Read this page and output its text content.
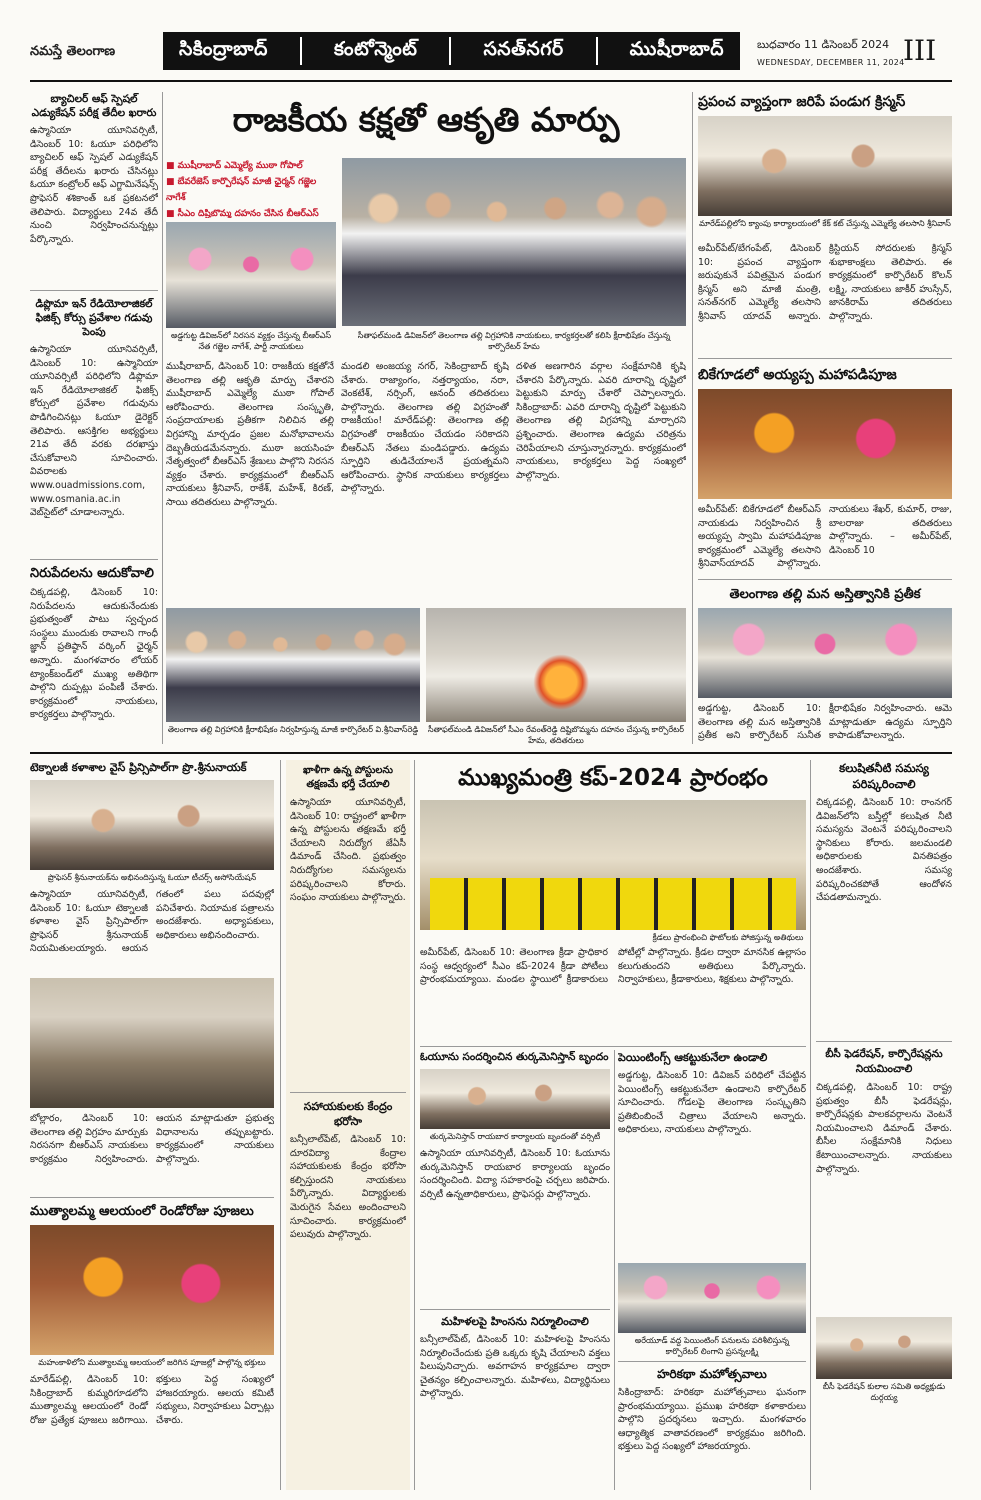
నమస్తే తెలంగాణ	సికింద్రాబాద్	కంటోన్మెంట్	సనత్‌నగర్	ముషీరాబాద్	బుధవారం 11 డిసెంబర్ 2024
WEDNESDAY, DECEMBER 11, 2024
III
బ్యాచిలర్ ఆఫ్ స్పెషల్ ఎడ్యుకేషన్ పరీక్ష తేదీల ఖరారు
ఉస్మానియా యూనివర్సిటీ, డిసెంబర్ 10: ఓయూ పరిధిలోని బ్యాచిలర్ ఆఫ్ స్పెషల్ ఎడ్యుకేషన్ పరీక్ష తేదీలను ఖరారు చేసినట్లు ఓయూ కంట్రోలర్ ఆఫ్ ఎగ్జామినేషన్స్ ప్రొఫెసర్ శశికాంత్ ఒక ప్రకటనలో తెలిపారు. విద్యార్థులు 24వ తేదీ నుంచి నిర్వహించనున్నట్లు పేర్కొన్నారు.
డిప్లొమా ఇన్ రేడియోలాజికల్ ఫిజిక్స్ కోర్సు ప్రవేశాల గడువు పెంపు
ఉస్మానియా యూనివర్సిటీ, డిసెంబర్ 10: ఉస్మానియా యూనివర్సిటీ పరిధిలోని డిప్లొమా ఇన్ రేడియోలాజికల్ ఫిజిక్స్ కోర్సులో ప్రవేశాల గడువును పొడిగించినట్లు ఓయూ డైరెక్టర్ తెలిపారు. ఆసక్తిగల అభ్యర్థులు 21వ తేదీ వరకు దరఖాస్తు చేసుకోవాలని సూచించారు. వివరాలకు www.ouadmissions.com, www.osmania.ac.in వెబ్‌సైట్‌లో చూడాలన్నారు.
నిరుపేదలను ఆదుకోవాలి
చిక్కడపల్లి, డిసెంబర్ 10: నిరుపేదలను ఆదుకునేందుకు ప్రభుత్వంతో పాటు స్వచ్ఛంద సంస్థలు ముందుకు రావాలని గాంధీ జ్ఞాన్ ప్రతిష్ఠాన్ వర్కింగ్ ఛైర్మన్ అన్నారు. మంగళవారం లోయర్ ట్యాంక్‌బండ్‌లో ముఖ్య అతిథిగా పాల్గొని దుప్పట్లు పంపిణీ చేశారు. కార్యక్రమంలో నాయకులు, కార్యకర్తలు పాల్గొన్నారు.
రాజకీయ కక్షతో ఆకృతి మార్పు
■ ముషీరాబాద్ ఎమ్మెల్యే ముఠా గోపాల్
■ బేవరేజెస్ కార్పొరేషన్ మాజీ ఛైర్మన్ గజ్జెల నాగేశ్
■ సీఎం దిష్టిబొమ్మ దహనం చేసిన బీఆర్ఎస్
అడ్డగుట్ట డివిజన్‌లో నిరసన వ్యక్తం చేస్తున్న బీఆర్ఎస్ నేత గజ్జెల నాగేశ్, పార్టీ నాయకులు
సీతాఫల్‌మండి డివిజన్‌లో తెలంగాణ తల్లి విగ్రహానికి నాయకులు, కార్యకర్తలతో కలిసి క్షీరాభిషేకం చేస్తున్న కార్పొరేటర్ హేమ
ముషీరాబాద్, డిసెంబర్ 10: రాజకీయ కక్షతోనే తెలంగాణ తల్లి ఆకృతి మార్పు చేశారని ముషీరాబాద్ ఎమ్మెల్యే ముఠా గోపాల్ ఆరోపించారు. తెలంగాణ సంస్కృతి, సంప్రదాయాలకు ప్రతీకగా నిలిచిన తల్లి విగ్రహాన్ని మార్చడం ప్రజల మనోభావాలను దెబ్బతీయడమేనన్నారు. ముఠా జయసింహ నేతృత్వంలో బీఆర్ఎస్ శ్రేణులు పాల్గొని నిరసన వ్యక్తం చేశారు. కార్యక్రమంలో బీఆర్ఎస్ నాయకులు శ్రీనివాస్, రాకేశ్, మహేశ్, కిరణ్, సాయి తదితరులు పాల్గొన్నారు.
మండలి అంజయ్య నగర్, సెకింద్రాబాద్ కృషి చేశారు. రాజ్యాంగం, నత్తర్యాయం, నరా, వెంకటేశ్, నర్సింగ్, ఆనంద్ తదితరులు పాల్గొన్నారు. తెలంగాణ తల్లి విగ్రహంతో రాజకీయం! మారేడ్‌పల్లి: తెలంగాణ తల్లి విగ్రహంతో రాజకీయం చేయడం సరికాదని బీఆర్ఎస్ నేతలు మండిపడ్డారు. ఉద్యమ స్ఫూర్తిని తుడిచేయాలనే ప్రయత్నమని ఆరోపించారు. స్థానిక నాయకులు కార్యకర్తలు పాల్గొన్నారు.
దళిత అణగారిన వర్గాల సంక్షేమానికి కృషి చేశారని పేర్కొన్నారు. ఎవరి దూరాన్ని దృష్టిలో పెట్టుకుని మార్పు చేశారో చెప్పాలన్నారు. సికింద్రాబాద్: ఎవరి దూరాన్ని దృష్టిలో పెట్టుకుని తెలంగాణ తల్లి విగ్రహాన్ని మార్చారని ప్రశ్నించారు. తెలంగాణ ఉద్యమ చరిత్రను చెరిపేయాలని చూస్తున్నారన్నారు. కార్యక్రమంలో నాయకులు, కార్యకర్తలు పెద్ద సంఖ్యలో పాల్గొన్నారు.
తెలంగాణ తల్లి విగ్రహానికి క్షీరాభిషేకం నిర్వహిస్తున్న మాజీ కార్పొరేటర్ వి.శ్రీనివాస్‌రెడ్డి సీతాఫల్‌మండి డివిజన్‌లో సీఎం రేవంత్‌రెడ్డి దిష్టిబొమ్మను దహనం చేస్తున్న కార్పొరేటర్ హేమ, తదితరులు
ప్రపంచ వ్యాప్తంగా జరిపే పండుగ క్రిస్మస్
మారేడ్‌పల్లిలోని క్యాంపు కార్యాలయంలో కేక్ కట్ చేస్తున్న ఎమ్మెల్యే తలసాని శ్రీనివాస్
అమీర్‌పేట్/బేగంపేట్, డిసెంబర్ 10: ప్రపంచ వ్యాప్తంగా జరుపుకునే పవిత్రమైన పండుగ క్రిస్మస్ అని మాజీ మంత్రి, సనత్‌నగర్ ఎమ్మెల్యే తలసాని శ్రీనివాస్ యాదవ్ అన్నారు. క్రిస్టియన్ సోదరులకు క్రిస్మస్ శుభాకాంక్షలు తెలిపారు. ఈ కార్యక్రమంలో కార్పొరేటర్ కొలన్ లక్ష్మి, నాయకులు జాకీర్ హుస్సేన్, జానకిరామ్ తదితరులు పాల్గొన్నారు.
బికేగూడలో అయ్యప్ప మహాపడిపూజ
అమీర్‌పేట్: బికేగూడలో బీఆర్ఎస్ నాయకుడు నిర్వహించిన శ్రీ అయ్యప్ప స్వామి మహాపడిపూజ కార్యక్రమంలో ఎమ్మెల్యే తలసాని శ్రీనివాస్‌యాదవ్ పాల్గొన్నారు. నాయకులు శేఖర్, కుమార్, రాజు, బాలరాజు తదితరులు పాల్గొన్నారు. – అమీర్‌పేట్, డిసెంబర్ 10
తెలంగాణ తల్లి మన అస్తిత్వానికి ప్రతీక
అడ్డగుట్ట, డిసెంబర్ 10: తెలంగాణ తల్లి మన అస్తిత్వానికి ప్రతీక అని కార్పొరేటర్ సునీత క్షీరాభిషేకం నిర్వహించారు. ఆమె మాట్లాడుతూ ఉద్యమ స్ఫూర్తిని కాపాడుకోవాలన్నారు.
టెక్నాలజీ కళాశాల వైస్ ప్రిన్సిపాల్‌గా ప్రొ.శ్రీనునాయక్
ప్రొఫెసర్ శ్రీనునాయక్‌ను అభినందిస్తున్న ఓయూ టీచర్స్ అసోసియేషన్
ఉస్మానియా యూనివర్సిటీ, డిసెంబర్ 10: ఓయూ టెక్నాలజీ కళాశాల వైస్ ప్రిన్సిపాల్‌గా ప్రొఫెసర్ శ్రీనునాయక్ నియమితులయ్యారు. ఆయన గతంలో పలు పదవుల్లో పనిచేశారు. నియామక పత్రాలను అందజేశారు. అధ్యాపకులు, అధికారులు అభినందించారు.
బోల్లారం, డిసెంబర్ 10: తెలంగాణ తల్లి విగ్రహం మార్పుకు నిరసనగా బీఆర్ఎస్ నాయకులు కార్యక్రమం నిర్వహించారు. ఆయన మాట్లాడుతూ ప్రభుత్వ విధానాలను తప్పుబట్టారు. కార్యక్రమంలో నాయకులు పాల్గొన్నారు.
ముత్యాలమ్మ ఆలయంలో రెండోరోజు పూజలు
మహంకాళిలోని ముత్యాలమ్మ ఆలయంలో జరిగిన పూజల్లో పాల్గొన్న భక్తులు
మారేడ్‌పల్లి, డిసెంబర్ 10: సికింద్రాబాద్ కుమ్మరిగూడలోని ముత్యాలమ్మ ఆలయంలో రెండో రోజు ప్రత్యేక పూజలు జరిగాయి. భక్తులు పెద్ద సంఖ్యలో హాజరయ్యారు. ఆలయ కమిటీ సభ్యులు, నిర్వాహకులు ఏర్పాట్లు చేశారు.
ఖాళీగా ఉన్న పోస్టులను తక్షణమే భర్తీ చేయాలి
ఉస్మానియా యూనివర్సిటీ, డిసెంబర్ 10: రాష్ట్రంలో ఖాళీగా ఉన్న పోస్టులను తక్షణమే భర్తీ చేయాలని నిరుద్యోగ జేఏసీ డిమాండ్ చేసింది. ప్రభుత్వం నిరుద్యోగుల సమస్యలను పరిష్కరించాలని కోరారు. సంఘం నాయకులు పాల్గొన్నారు.
సహాయకులకు కేంద్రం భరోసా
బన్సీలాల్‌పేట్, డిసెంబర్ 10: దూరవిద్యా కేంద్రాల సహాయకులకు కేంద్రం భరోసా కల్పిస్తుందని నాయకులు పేర్కొన్నారు. విద్యార్థులకు మెరుగైన సేవలు అందించాలని సూచించారు. కార్యక్రమంలో పలువురు పాల్గొన్నారు.
ముఖ్యమంత్రి కప్-2024 ప్రారంభం
క్రీడలు ప్రారంభించి ఫొటోలకు పోజిస్తున్న అతిథులు
అమీర్‌పేట్, డిసెంబర్ 10: తెలంగాణ క్రీడా ప్రాధికార సంస్థ ఆధ్వర్యంలో సీఎం కప్-2024 క్రీడా పోటీలు ప్రారంభమయ్యాయి. మండల స్థాయిలో క్రీడాకారులు పోటీల్లో పాల్గొన్నారు. క్రీడల ద్వారా మానసిక ఉల్లాసం కలుగుతుందని అతిథులు పేర్కొన్నారు. నిర్వాహకులు, క్రీడాకారులు, శిక్షకులు పాల్గొన్నారు.
ఓయూను సందర్శించిన తుర్కమెనిస్తాన్ బృందం
తుర్కమెనిస్తాన్ రాయబార కార్యాలయ బృందంతో వర్సిటీ
ఉస్మానియా యూనివర్సిటీ, డిసెంబర్ 10: ఓయూను తుర్కమెనిస్తాన్ రాయబార కార్యాలయ బృందం సందర్శించింది. విద్యా సహకారంపై చర్చలు జరిపారు. వర్సిటీ ఉన్నతాధికారులు, ప్రొఫెసర్లు పాల్గొన్నారు.
మహిళలపై హింసను నిర్మూలించాలి
బన్సీలాల్‌పేట్, డిసెంబర్ 10: మహిళలపై హింసను నిర్మూలించేందుకు ప్రతి ఒక్కరు కృషి చేయాలని వక్తలు పిలుపునిచ్చారు. అవగాహన కార్యక్రమాల ద్వారా చైతన్యం కల్పించాలన్నారు. మహిళలు, విద్యార్థినులు పాల్గొన్నారు.
పెయింటింగ్స్ ఆకట్టుకునేలా ఉండాలి
అడ్డగుట్ట, డిసెంబర్ 10: డివిజన్ పరిధిలో చేపట్టిన పెయింటింగ్స్ ఆకట్టుకునేలా ఉండాలని కార్పొరేటర్ సూచించారు. గోడలపై తెలంగాణ సంస్కృతిని ప్రతిబింబించే చిత్రాలు వేయాలని అన్నారు. అధికారులు, నాయకులు పాల్గొన్నారు.
అరేయూడ్ వద్ద పెయింటింగ్ పనులను పరిశీలిస్తున్న కార్పొరేటర్ లింగాని ప్రసన్నలక్ష్మి
హరికథా మహోత్సవాలు
సికింద్రాబాద్: హరికథా మహోత్సవాలు ఘనంగా ప్రారంభమయ్యాయి. ప్రముఖ హరికథా కళాకారులు పాల్గొని ప్రదర్శనలు ఇచ్చారు. మంగళవారం ఆధ్యాత్మిక వాతావరణంలో కార్యక్రమం జరిగింది. భక్తులు పెద్ద సంఖ్యలో హాజరయ్యారు.
కలుషితనీటి సమస్య పరిష్కరించాలి
చిక్కడపల్లి, డిసెంబర్ 10: రాంనగర్ డివిజన్‌లోని బస్తీల్లో కలుషిత నీటి సమస్యను వెంటనే పరిష్కరించాలని స్థానికులు కోరారు. జలమండలి అధికారులకు వినతిపత్రం అందజేశారు. సమస్య పరిష్కరించకపోతే ఆందోళన చేపడతామన్నారు.
బీసీ ఫెడరేషన్, కార్పొరేషన్లను నియమించాలి
చిక్కడపల్లి, డిసెంబర్ 10: రాష్ట్ర ప్రభుత్వం బీసీ ఫెడరేషన్లు, కార్పొరేషన్లకు పాలకవర్గాలను వెంటనే నియమించాలని డిమాండ్ చేశారు. బీసీల సంక్షేమానికి నిధులు కేటాయించాలన్నారు. నాయకులు పాల్గొన్నారు.
బీసీ ఫెడరేషన్ కులాల సమితి అధ్యక్షుడు దుర్గయ్య
